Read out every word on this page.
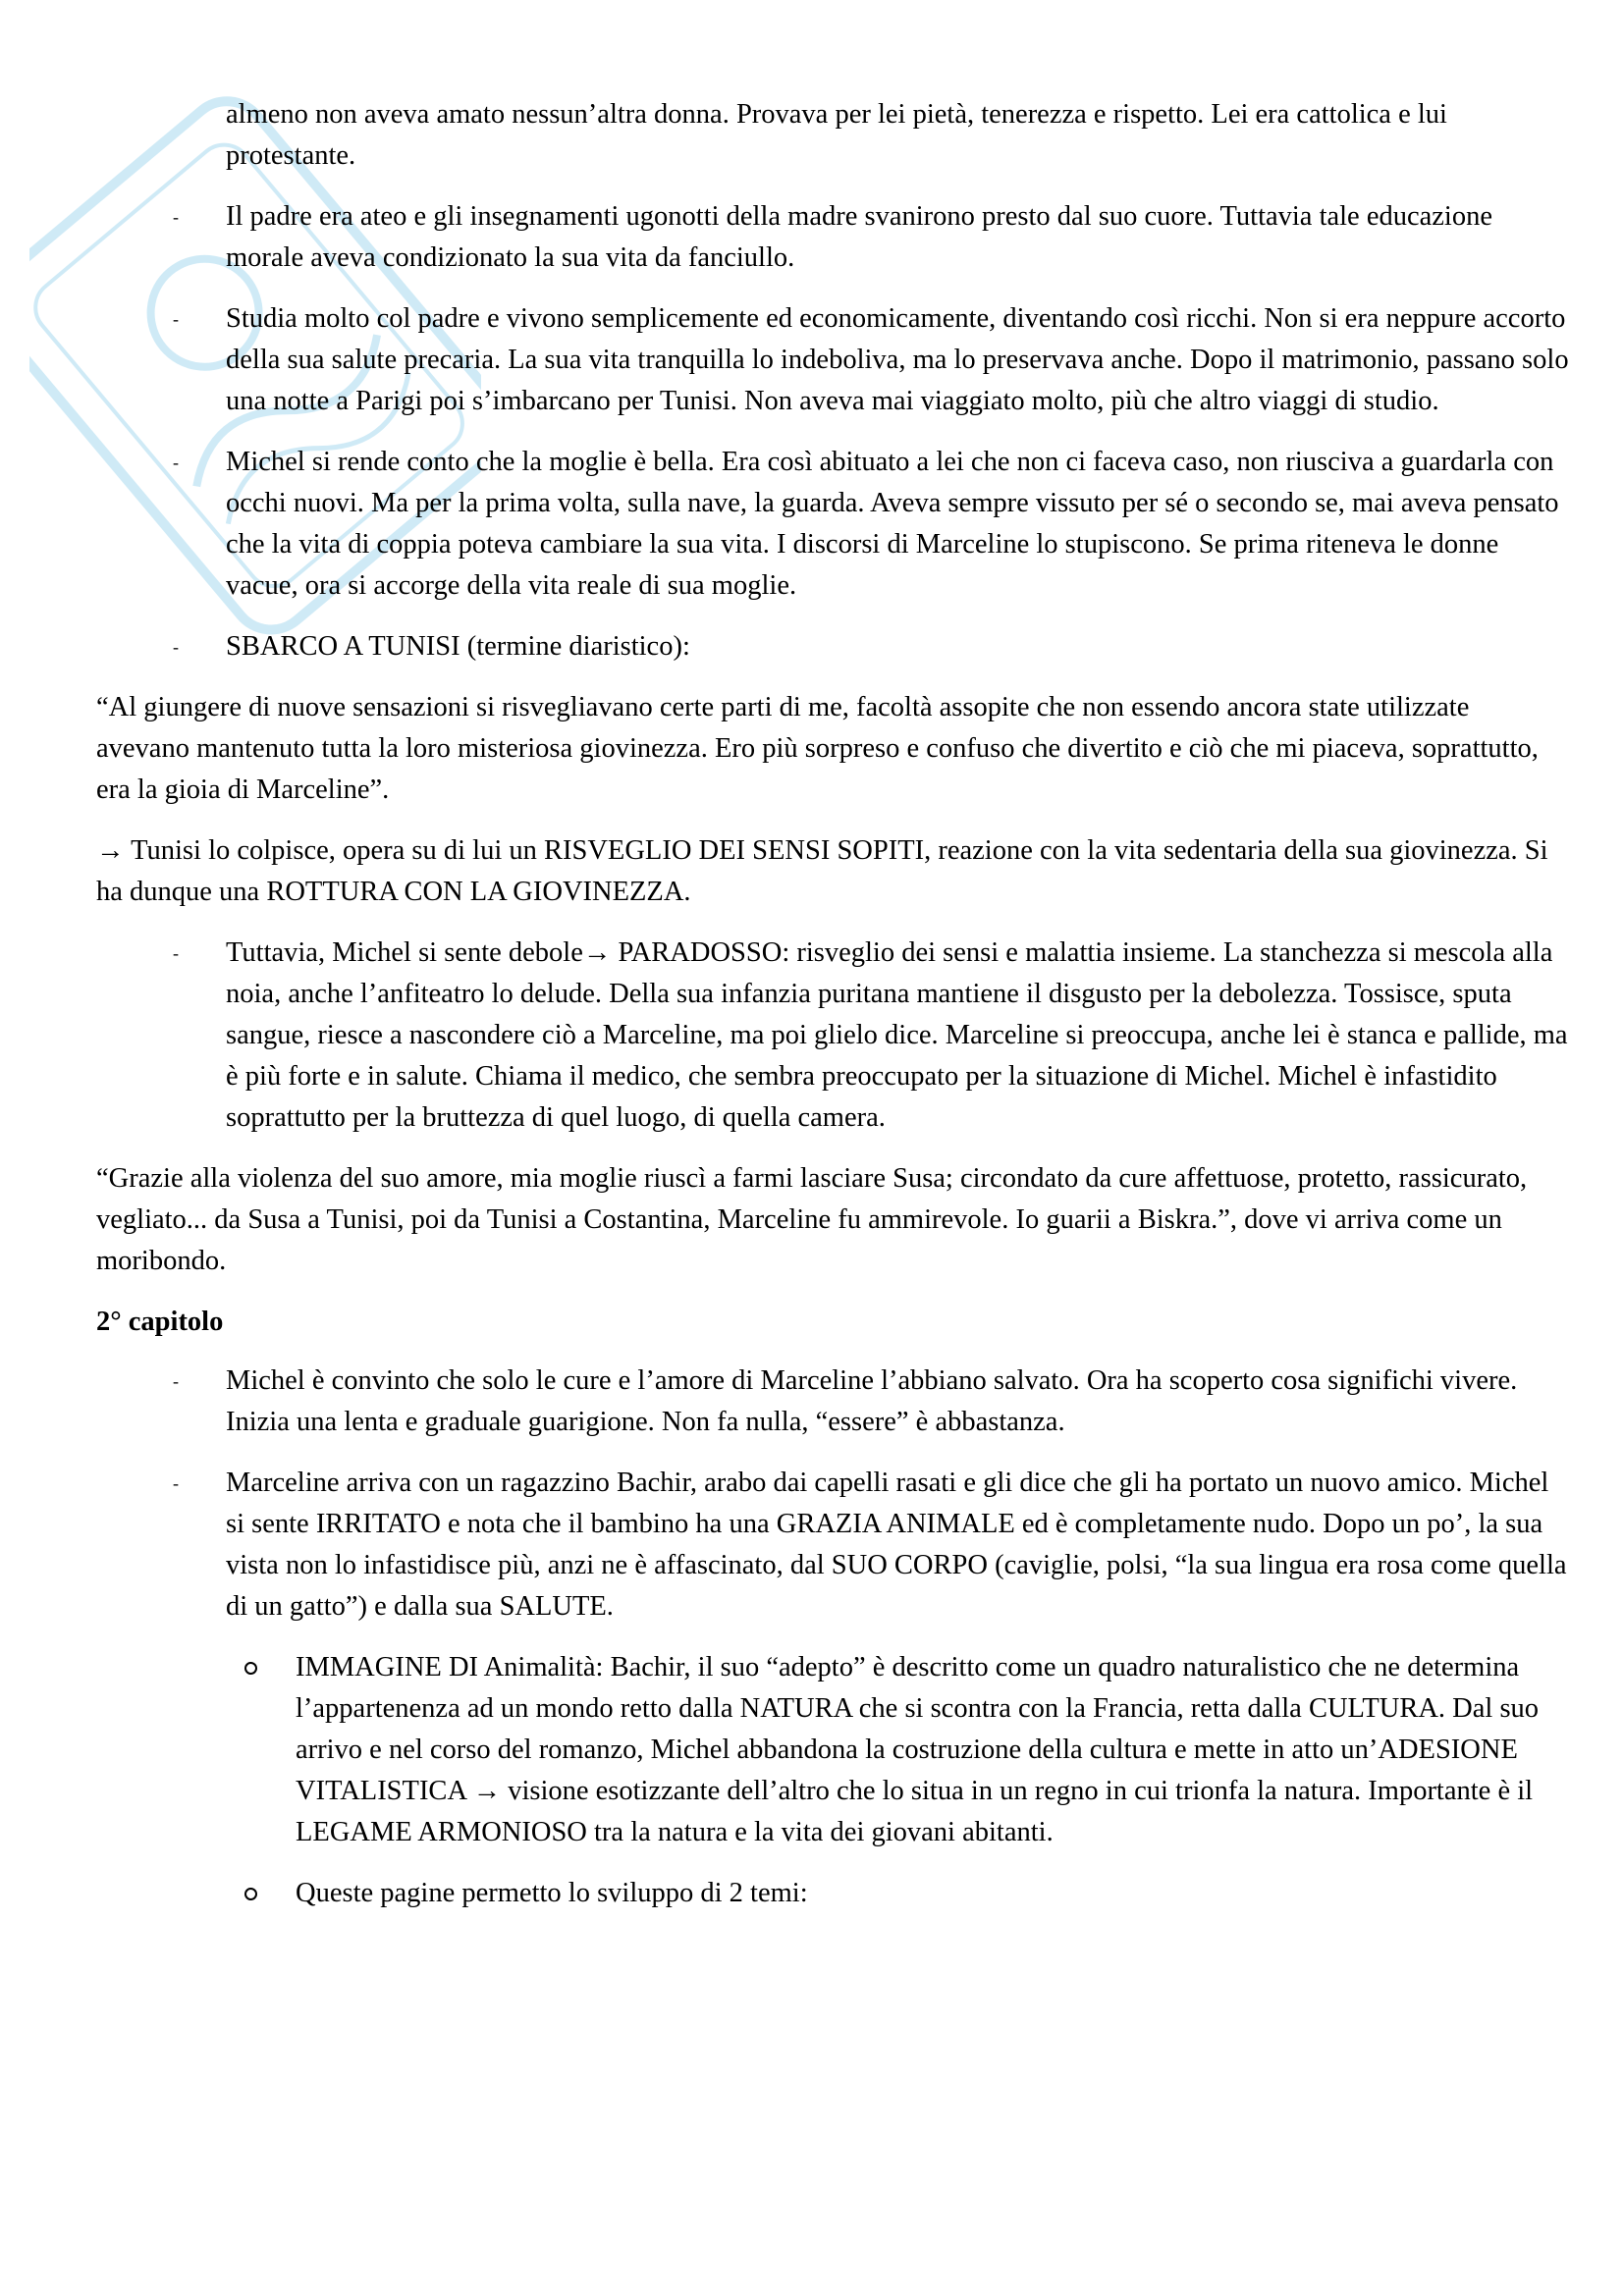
almeno non aveva amato nessun’altra donna. Provava per lei pietà, tenerezza e rispetto. Lei era cattolica e lui protestante.

- Il padre era ateo e gli insegnamenti ugonotti della madre svanirono presto dal suo cuore. Tuttavia tale educazione morale aveva condizionato la sua vita da fanciullo.
- Studia molto col padre e vivono semplicemente ed economicamente, diventando così ricchi. Non si era neppure accorto della sua salute precaria. La sua vita tranquilla lo indeboliva, ma lo preservava anche. Dopo il matrimonio, passano solo una notte a Parigi poi s’imbarcano per Tunisi. Non aveva mai viaggiato molto, più che altro viaggi di studio.
- Michel si rende conto che la moglie è bella. Era così abituato a lei che non ci faceva caso, non riusciva a guardarla con occhi nuovi. Ma per la prima volta, sulla nave, la guarda. Aveva sempre vissuto per sé o secondo se, mai aveva pensato che la vita di coppia poteva cambiare la sua vita. I discorsi di Marceline lo stupiscono. Se prima riteneva le donne vacue, ora si accorge della vita reale di sua moglie.
- SBARCO A TUNISI (termine diaristico):

“Al giungere di nuove sensazioni si risvegliavano certe parti di me, facoltà assopite che non essendo ancora state utilizzate avevano mantenuto tutta la loro misteriosa giovinezza. Ero più sorpreso e confuso che divertito e ciò che mi piaceva, soprattutto, era la gioia di Marceline”.

→ Tunisi lo colpisce, opera su di lui un RISVEGLIO DEI SENSI SOPITI, reazione con la vita sedentaria della sua giovinezza. Si ha dunque una ROTTURA CON LA GIOVINEZZA.

- Tuttavia, Michel si sente debole→ PARADOSSO: risveglio dei sensi e malattia insieme. La stanchezza si mescola alla noia, anche l’anfiteatro lo delude. Della sua infanzia puritana mantiene il disgusto per la debolezza. Tossisce, sputa sangue, riesce a nascondere ciò a Marceline, ma poi glielo dice. Marceline si preoccupa, anche lei è stanca e pallide, ma è più forte e in salute. Chiama il medico, che sembra preoccupato per la situazione di Michel. Michel è infastidito soprattutto per la bruttezza di quel luogo, di quella camera.

“Grazie alla violenza del suo amore, mia moglie riuscì a farmi lasciare Susa; circondato da cure affettuose, protetto, rassicurato, vegliato... da Susa a Tunisi, poi da Tunisi a Costantina, Marceline fu ammirevole. Io guarii a Biskra.”, dove vi arriva come un moribondo.

2° capitolo

- Michel è convinto che solo le cure e l’amore di Marceline l’abbiano salvato. Ora ha scoperto cosa significhi vivere. Inizia una lenta e graduale guarigione. Non fa nulla, “essere” è abbastanza.
- Marceline arriva con un ragazzino Bachir, arabo dai capelli rasati e gli dice che gli ha portato un nuovo amico. Michel si sente IRRITATO e nota che il bambino ha una GRAZIA ANIMALE ed è completamente nudo. Dopo un po’, la sua vista non lo infastidisce più, anzi ne è affascinato, dal SUO CORPO (caviglie, polsi, “la sua lingua era rosa come quella di un gatto”) e dalla sua SALUTE.
IMMAGINE DI Animalità: Bachir, il suo “adepto” è descritto come un quadro naturalistico che ne determina l’appartenenza ad un mondo retto dalla NATURA che si scontra con la Francia, retta dalla CULTURA. Dal suo arrivo e nel corso del romanzo, Michel abbandona la costruzione della cultura e mette in atto un’ADESIONE VITALISTICA → visione esotizzante dell’altro che lo situa in un regno in cui trionfa la natura. Importante è il LEGAME ARMONIOSO tra la natura e la vita dei giovani abitanti.
Queste pagine permetto lo sviluppo di 2 temi:
